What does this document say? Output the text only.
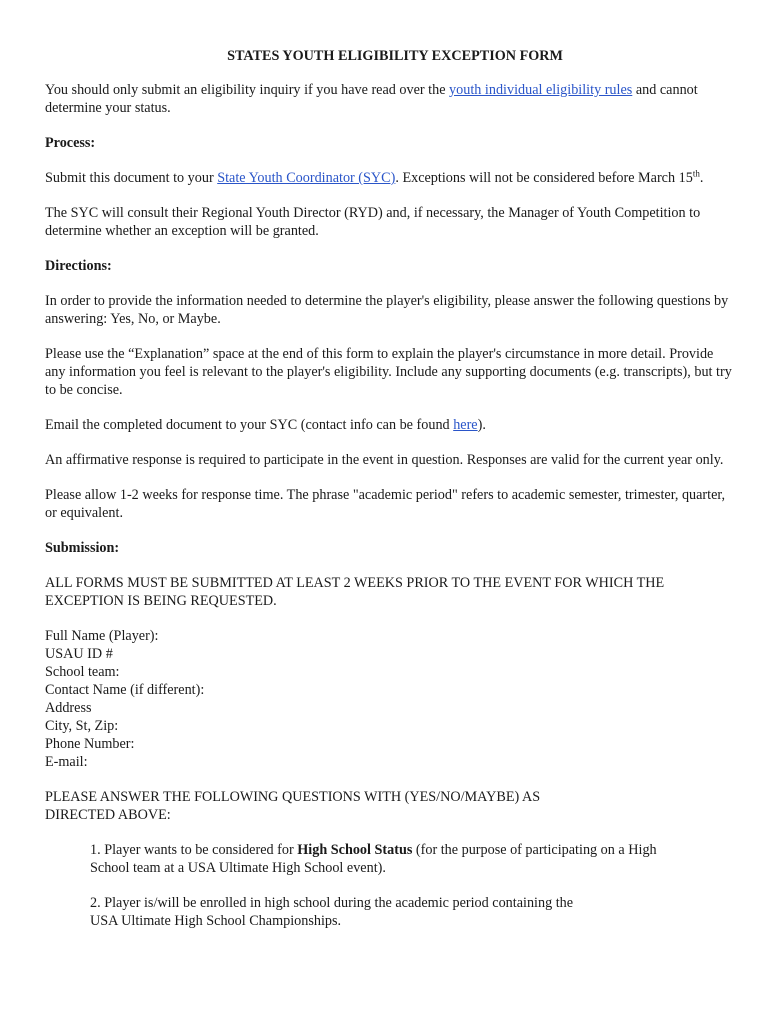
STATES YOUTH ELIGIBILITY EXCEPTION FORM

You should only submit an eligibility inquiry if you have read over the youth individual eligibility rules and cannot determine your status.

Process:

Submit this document to your State Youth Coordinator (SYC). Exceptions will not be considered before March 15th.

The SYC will consult their Regional Youth Director (RYD) and, if necessary, the Manager of Youth Competition to determine whether an exception will be granted.

Directions:

In order to provide the information needed to determine the player's eligibility, please answer the following questions by answering: Yes, No, or Maybe.

Please use the “Explanation” space at the end of this form to explain the player's circumstance in more detail. Provide any information you feel is relevant to the player's eligibility. Include any supporting documents (e.g. transcripts), but try to be concise.

Email the completed document to your SYC (contact info can be found here).

An affirmative response is required to participate in the event in question. Responses are valid for the current year only.

Please allow 1-2 weeks for response time. The phrase "academic period" refers to academic semester, trimester, quarter, or equivalent.

Submission:

ALL FORMS MUST BE SUBMITTED AT LEAST 2 WEEKS PRIOR TO THE EVENT FOR WHICH THE EXCEPTION IS BEING REQUESTED.

Full Name (Player):

USAU ID #

School team:

Contact Name (if different):

Address

City, St, Zip:

Phone Number:

E-mail:

PLEASE ANSWER THE FOLLOWING QUESTIONS WITH (YES/NO/MAYBE) AS DIRECTED ABOVE:

1. Player wants to be considered for High School Status (for the purpose of participating on a High School team at a USA Ultimate High School event).

2. Player is/will be enrolled in high school during the academic period containing the USA Ultimate High School Championships.
